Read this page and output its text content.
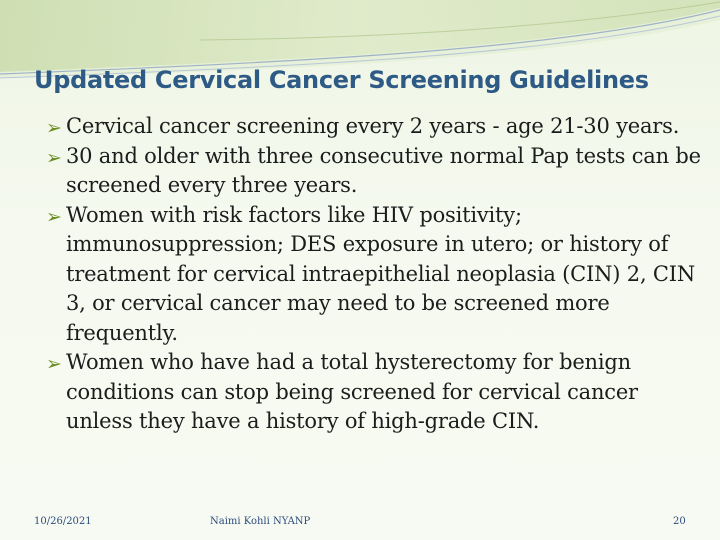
Updated Cervical Cancer Screening Guidelines
➢ Cervical cancer screening every 2 years - age 21-30 years.
➢ 30 and older with three consecutive normal Pap tests can be screened every three years.
➢ Women with risk factors like HIV positivity; immunosuppression; DES exposure in utero; or history of treatment for cervical intraepithelial neoplasia (CIN) 2, CIN 3, or cervical cancer may need to be screened more frequently.
➢ Women who have had a total hysterectomy for benign conditions can stop being screened for cervical cancer unless they have a history of high-grade CIN.
10/26/2021	Naimi Kohli NYANP	20
